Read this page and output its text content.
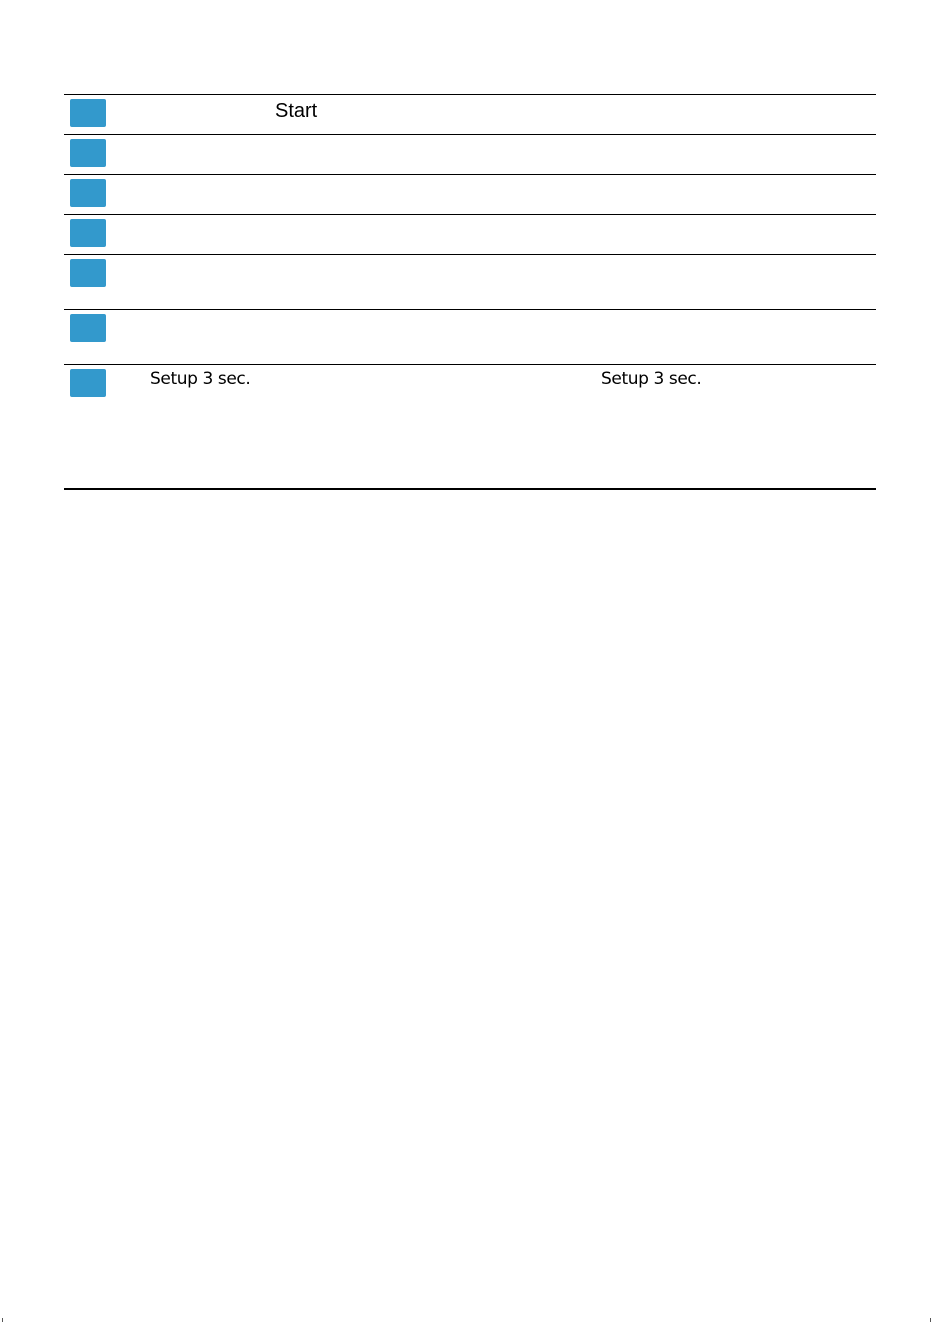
Start
Setup 3 sec.	Setup 3 sec.
